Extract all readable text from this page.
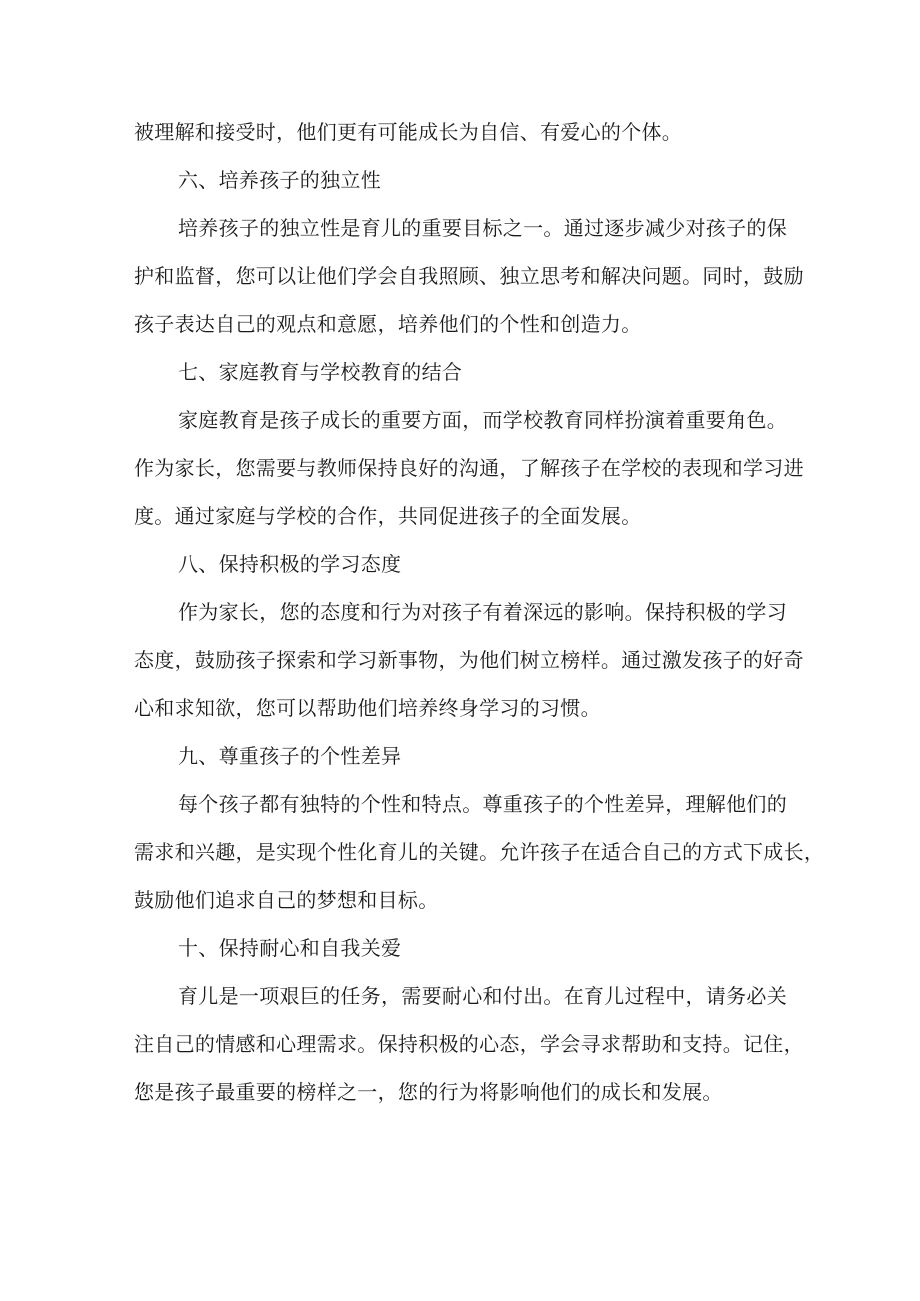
被理解和接受时，他们更有可能成长为自信、有爱心的个体。
六、培养孩子的独立性
培养孩子的独立性是育儿的重要目标之一。通过逐步减少对孩子的保
护和监督，您可以让他们学会自我照顾、独立思考和解决问题。同时，鼓励
孩子表达自己的观点和意愿，培养他们的个性和创造力。
七、家庭教育与学校教育的结合
家庭教育是孩子成长的重要方面，而学校教育同样扮演着重要角色。
作为家长，您需要与教师保持良好的沟通，了解孩子在学校的表现和学习进
度。通过家庭与学校的合作，共同促进孩子的全面发展。
八、保持积极的学习态度
作为家长，您的态度和行为对孩子有着深远的影响。保持积极的学习
态度，鼓励孩子探索和学习新事物，为他们树立榜样。通过激发孩子的好奇
心和求知欲，您可以帮助他们培养终身学习的习惯。
九、尊重孩子的个性差异
每个孩子都有独特的个性和特点。尊重孩子的个性差异，理解他们的
需求和兴趣，是实现个性化育儿的关键。允许孩子在适合自己的方式下成长，
鼓励他们追求自己的梦想和目标。
十、保持耐心和自我关爱
育儿是一项艰巨的任务，需要耐心和付出。在育儿过程中，请务必关
注自己的情感和心理需求。保持积极的心态，学会寻求帮助和支持。记住，
您是孩子最重要的榜样之一，您的行为将影响他们的成长和发展。
